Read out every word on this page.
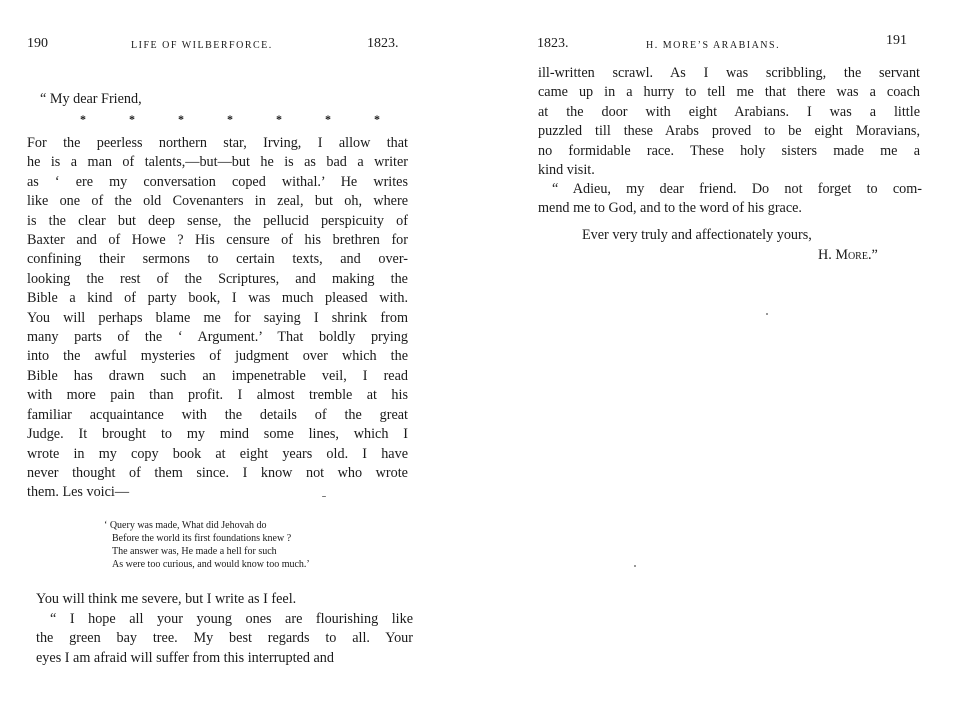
190	LIFE OF WILBERFORCE.	1823.
“ My dear Friend,
*	*	*	*	*	*	*
For the peerless northern star, Irving, I allow that
he is a man of talents,—but—but he is as bad a writer
as ‘ ere my conversation coped withal.’ He writes
like one of the old Covenanters in zeal, but oh, where
is the clear but deep sense, the pellucid perspicuity of
Baxter and of Howe ? His censure of his brethren for
confining their sermons to certain texts, and over-
looking the rest of the Scriptures, and making the
Bible a kind of party book, I was much pleased with.
You will perhaps blame me for saying I shrink from
many parts of the ‘ Argument.’ That boldly prying
into the awful mysteries of judgment over which the
Bible has drawn such an impenetrable veil, I read
with more pain than profit. I almost tremble at his
familiar acquaintance with the details of the great
Judge. It brought to my mind some lines, which I
wrote in my copy book at eight years old. I have
never thought of them since. I know not who wrote
them. Les voici—
‘ Query was made, What did Jehovah do
Before the world its first foundations knew ?
The answer was, He made a hell for such
As were too curious, and would know too much.’
You will think me severe, but I write as I feel.
“ I hope all your young ones are flourishing like
the green bay tree. My best regards to all. Your
eyes I am afraid will suffer from this interrupted and
1823.	H. MORE’S ARABIANS.	191
ill-written scrawl. As I was scribbling, the servant
came up in a hurry to tell me that there was a coach
at the door with eight Arabians. I was a little
puzzled till these Arabs proved to be eight Moravians,
no formidable race. These holy sisters made me a
kind visit.
“ Adieu, my dear friend. Do not forget to com-
mend me to God, and to the word of his grace.
Ever very truly and affectionately yours,
H. More.”
